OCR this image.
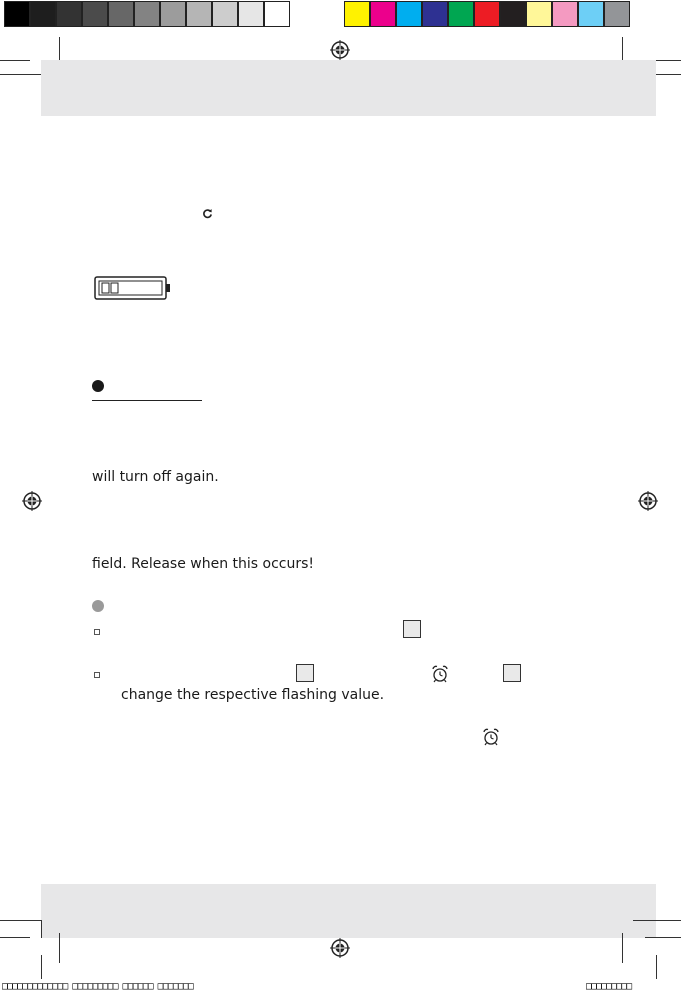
will turn off again.
field. Release when this occurs!
change the respective flashing value.
□□□□□□□□□□□□□ □□□□□□□□□ □□□□□□ □□□□□□□	□□□□□□□□□
